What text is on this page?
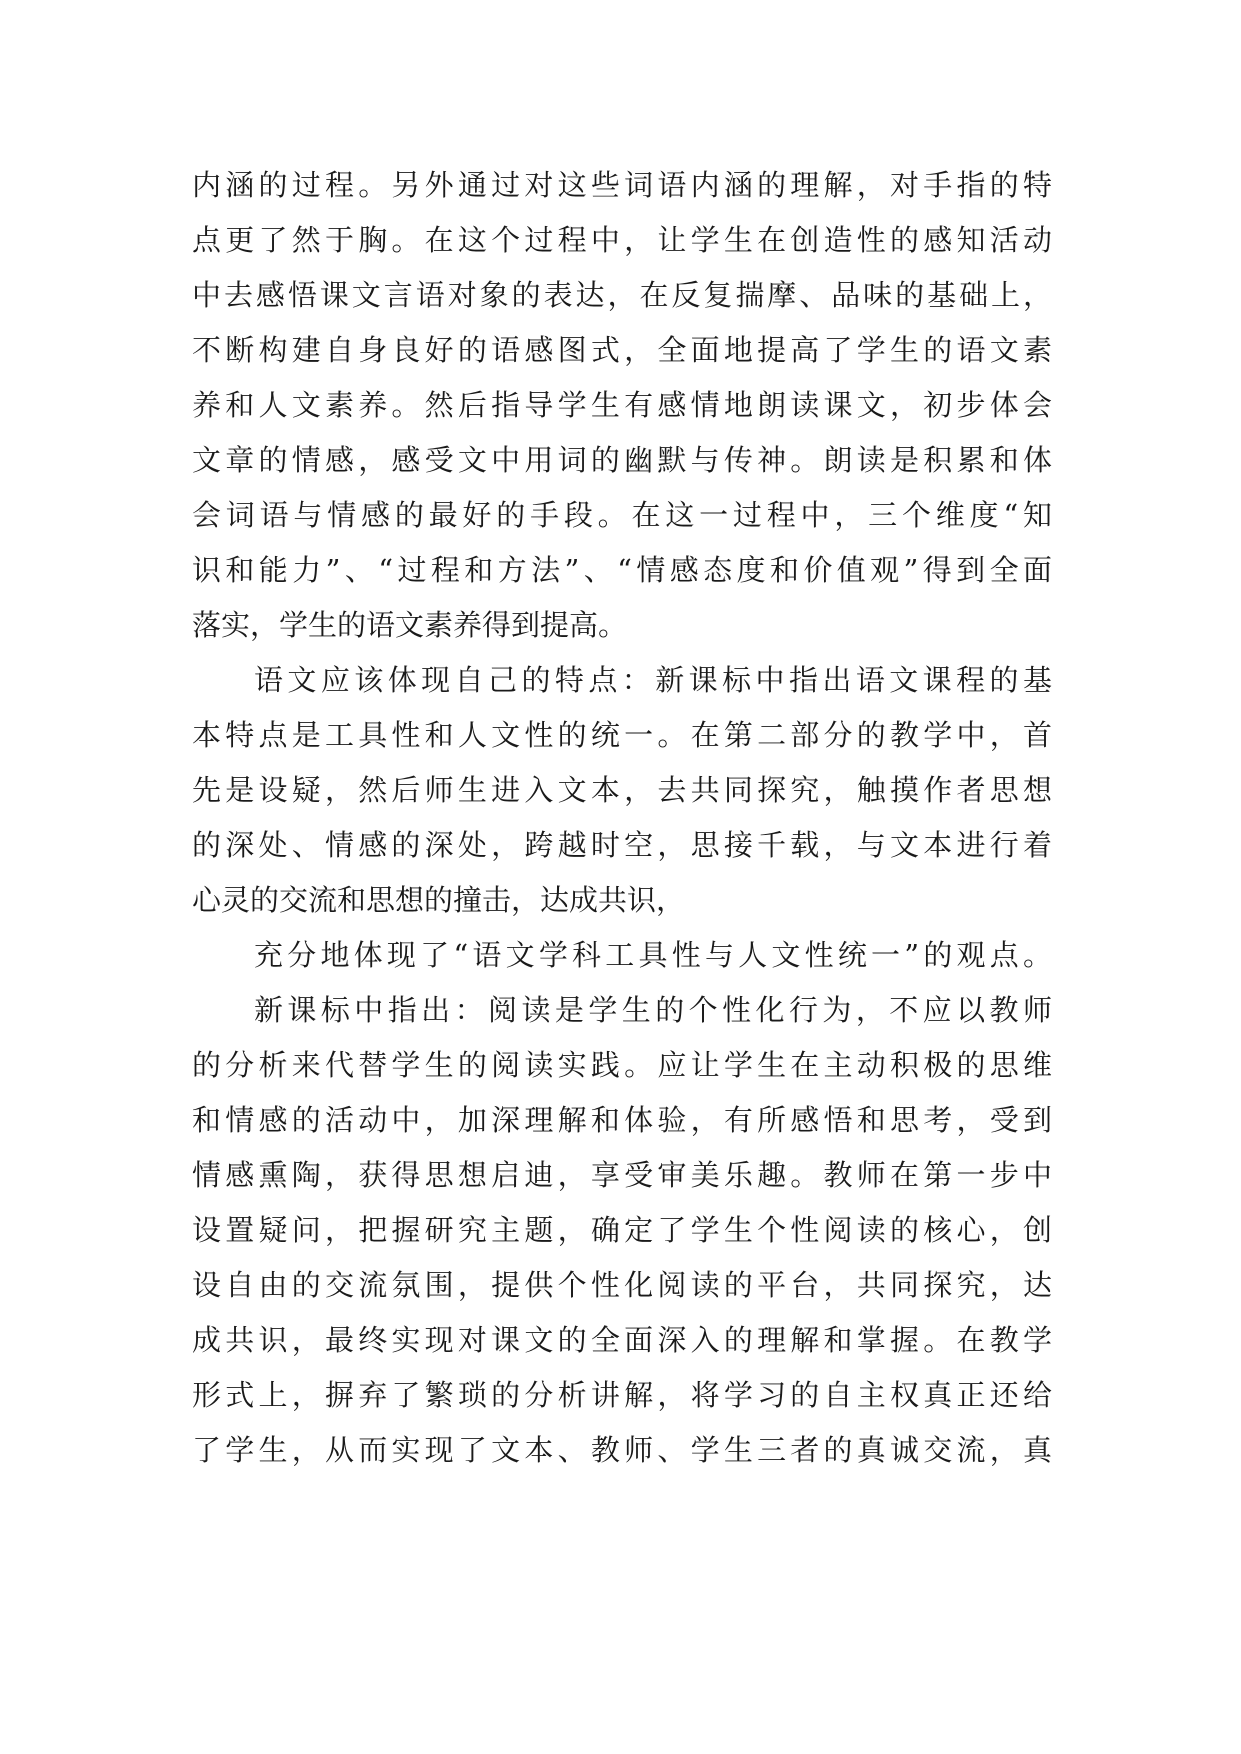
内涵的过程。另外通过对这些词语内涵的理解，对手指的特
点更了然于胸。在这个过程中，让学生在创造性的感知活动
中去感悟课文言语对象的表达，在反复揣摩、品味的基础上，
不断构建自身良好的语感图式，全面地提高了学生的语文素
养和人文素养。然后指导学生有感情地朗读课文，初步体会
文章的情感，感受文中用词的幽默与传神。朗读是积累和体
会词语与情感的最好的手段。在这一过程中，三个维度“知
识和能力”、“过程和方法”、“情感态度和价值观”得到全面
落实，学生的语文素养得到提高。
语文应该体现自己的特点：新课标中指出语文课程的基
本特点是工具性和人文性的统一。在第二部分的教学中，首
先是设疑，然后师生进入文本，去共同探究，触摸作者思想
的深处、情感的深处，跨越时空，思接千载，与文本进行着
心灵的交流和思想的撞击，达成共识，
充分地体现了“语文学科工具性与人文性统一”的观点。
新课标中指出：阅读是学生的个性化行为，不应以教师
的分析来代替学生的阅读实践。应让学生在主动积极的思维
和情感的活动中，加深理解和体验，有所感悟和思考，受到
情感熏陶，获得思想启迪，享受审美乐趣。教师在第一步中
设置疑问，把握研究主题，确定了学生个性阅读的核心，创
设自由的交流氛围，提供个性化阅读的平台，共同探究，达
成共识，最终实现对课文的全面深入的理解和掌握。在教学
形式上，摒弃了繁琐的分析讲解，将学习的自主权真正还给
了学生，从而实现了文本、教师、学生三者的真诚交流，真
